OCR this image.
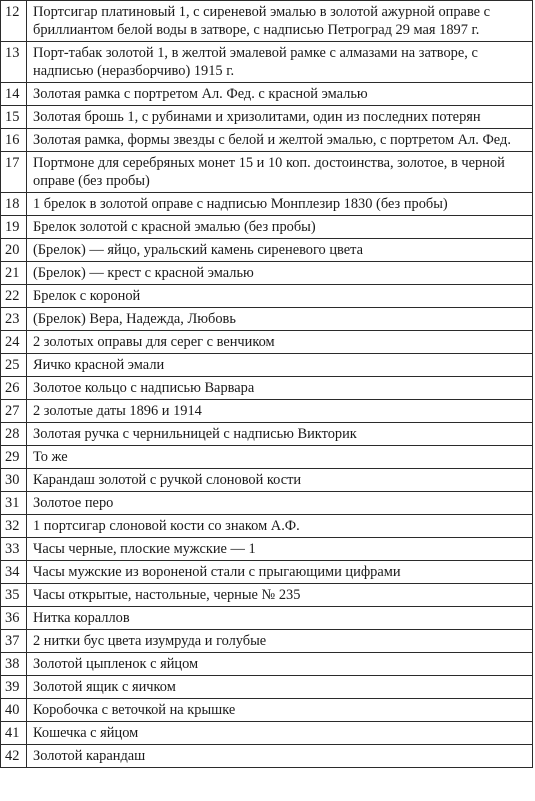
12	Портсигар платиновый 1, с сиреневой эмалью в золотой ажурной оправе с бриллиантом белой воды в затворе, с надписью Петроград 29 мая 1897 г.
13	Порт-табак золотой 1, в желтой эмалевой рамке с алмазами на затворе, с надписью (неразборчиво) 1915 г.
14	Золотая рамка с портретом Ал. Фед. с красной эмалью
15	Золотая брошь 1, с рубинами и хризолитами, один из последних потерян
16	Золотая рамка, формы звезды с белой и желтой эмалью, с портретом Ал. Фед.
17	Портмоне для серебряных монет 15 и 10 коп. достоинства, золотое, в черной оправе (без пробы)
18	1 брелок в золотой оправе с надписью Монплезир 1830 (без пробы)
19	Брелок золотой с красной эмалью (без пробы)
20	(Брелок) — яйцо, уральский камень сиреневого цвета
21	(Брелок) — крест с красной эмалью
22	Брелок с короной
23	(Брелок) Вера, Надежда, Любовь
24	2 золотых оправы для серег с венчиком
25	Яичко красной эмали
26	Золотое кольцо с надписью Варвара
27	2 золотые даты 1896 и 1914
28	Золотая ручка с чернильницей с надписью Викторик
29	То же
30	Карандаш золотой с ручкой слоновой кости
31	Золотое перо
32	1 портсигар слоновой кости со знаком А.Ф.
33	Часы черные, плоские мужские — 1
34	Часы мужские из вороненой стали с прыгающими цифрами
35	Часы открытые, настольные, черные № 235
36	Нитка кораллов
37	2 нитки бус цвета изумруда и голубые
38	Золотой цыпленок с яйцом
39	Золотой ящик с яичком
40	Коробочка с веточкой на крышке
41	Кошечка с яйцом
42	Золотой карандаш
